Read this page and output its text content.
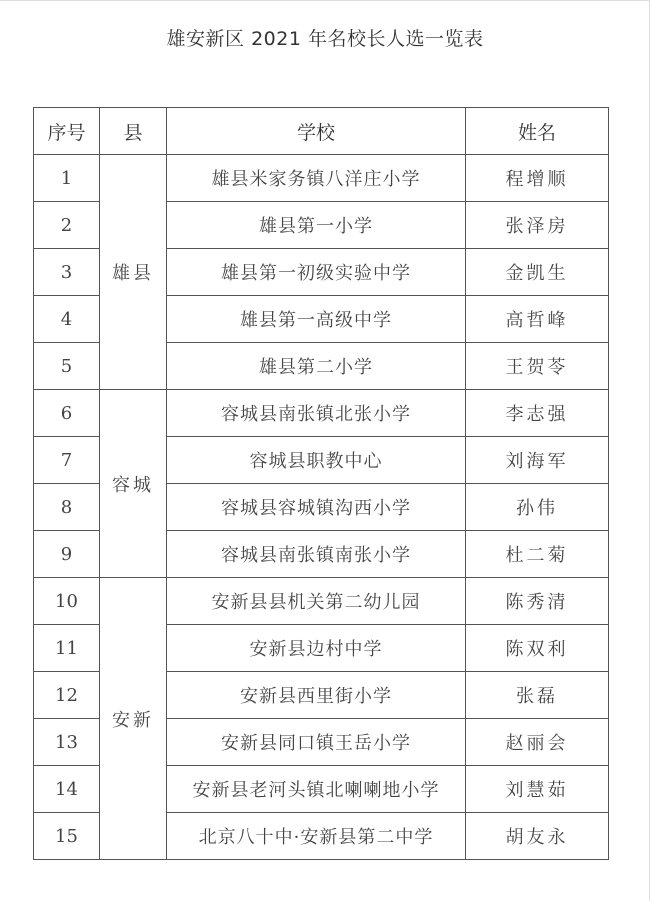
雄安新区 2021 年名校长人选一览表
序号	县	学校	姓名
1	雄县	雄县米家务镇八洋庄小学	程增顺
2		雄县第一小学	张泽房
3		雄县第一初级实验中学	金凯生
4		雄县第一高级中学	高哲峰
5		雄县第二小学	王贺苓
6	容城	容城县南张镇北张小学	李志强
7		容城县职教中心	刘海军
8		容城县容城镇沟西小学	孙伟
9		容城县南张镇南张小学	杜二菊
10	安新	安新县县机关第二幼儿园	陈秀清
11		安新县边村中学	陈双利
12		安新县西里街小学	张磊
13		安新县同口镇王岳小学	赵丽会
14		安新县老河头镇北喇喇地小学	刘慧茹
15		北京八十中·安新县第二中学	胡友永
